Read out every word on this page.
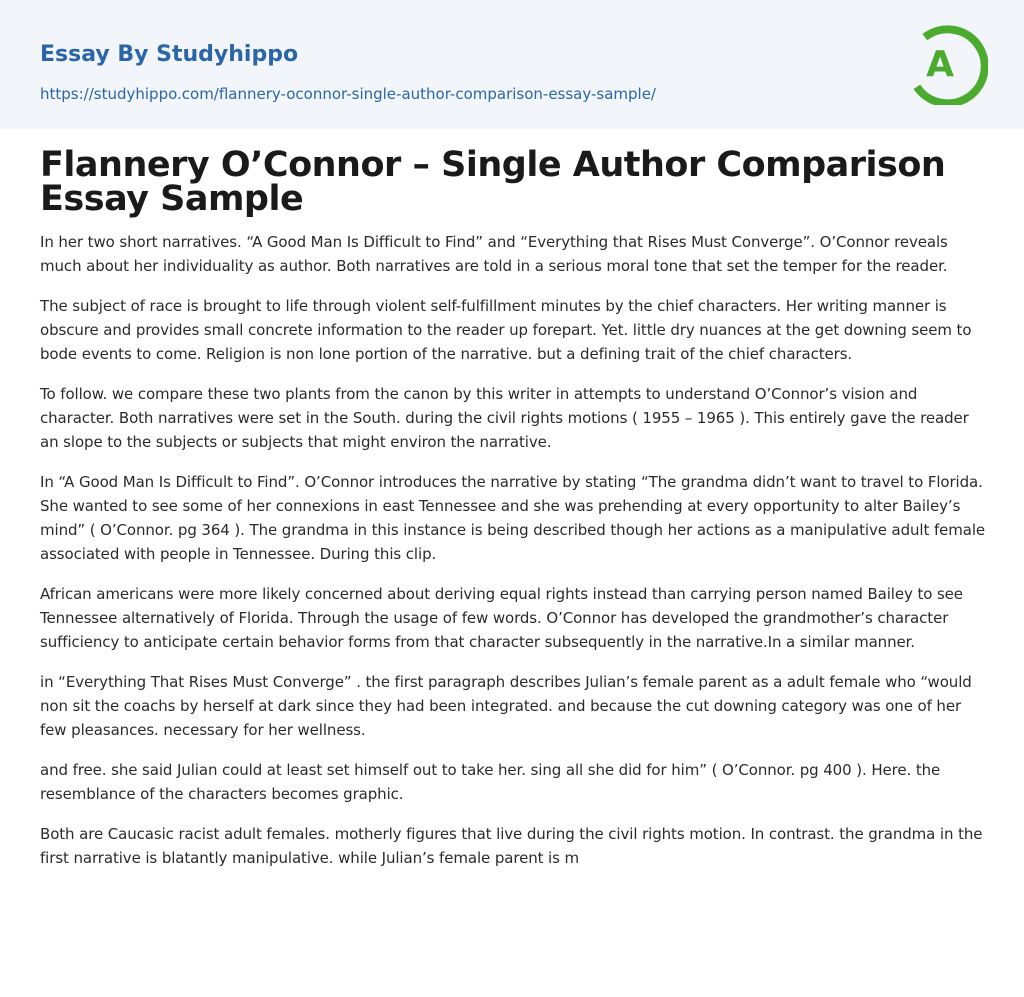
Essay By Studyhippo
https://studyhippo.com/flannery-oconnor-single-author-comparison-essay-sample/
A
Flannery O’Connor – Single Author Comparison Essay Sample

In her two short narratives. “A Good Man Is Difficult to Find” and “Everything that Rises Must Converge”. O’Connor reveals much about her individuality as author. Both narratives are told in a serious moral tone that set the temper for the reader.

The subject of race is brought to life through violent self-fulfillment minutes by the chief characters. Her writing manner is obscure and provides small concrete information to the reader up forepart. Yet. little dry nuances at the get downing seem to bode events to come. Religion is non lone portion of the narrative. but a defining trait of the chief characters.

To follow. we compare these two plants from the canon by this writer in attempts to understand O’Connor’s vision and character. Both narratives were set in the South. during the civil rights motions ( 1955 – 1965 ). This entirely gave the reader an slope to the subjects or subjects that might environ the narrative.

In “A Good Man Is Difficult to Find”. O’Connor introduces the narrative by stating “The grandma didn’t want to travel to Florida. She wanted to see some of her connexions in east Tennessee and she was prehending at every opportunity to alter Bailey’s mind” ( O’Connor. pg 364 ). The grandma in this instance is being described though her actions as a manipulative adult female associated with people in Tennessee. During this clip.

African americans were more likely concerned about deriving equal rights instead than carrying person named Bailey to see Tennessee alternatively of Florida. Through the usage of few words. O’Connor has developed the grandmother’s character sufficiency to anticipate certain behavior forms from that character subsequently in the narrative.In a similar manner.

in “Everything That Rises Must Converge” . the first paragraph describes Julian’s female parent as a adult female who “would non sit the coachs by herself at dark since they had been integrated. and because the cut downing category was one of her few pleasances. necessary for her wellness.

and free. she said Julian could at least set himself out to take her. sing all she did for him” ( O’Connor. pg 400 ). Here. the resemblance of the characters becomes graphic.

Both are Caucasic racist adult females. motherly figures that live during the civil rights motion. In contrast. the grandma in the first narrative is blatantly manipulative. while Julian’s female parent is m
